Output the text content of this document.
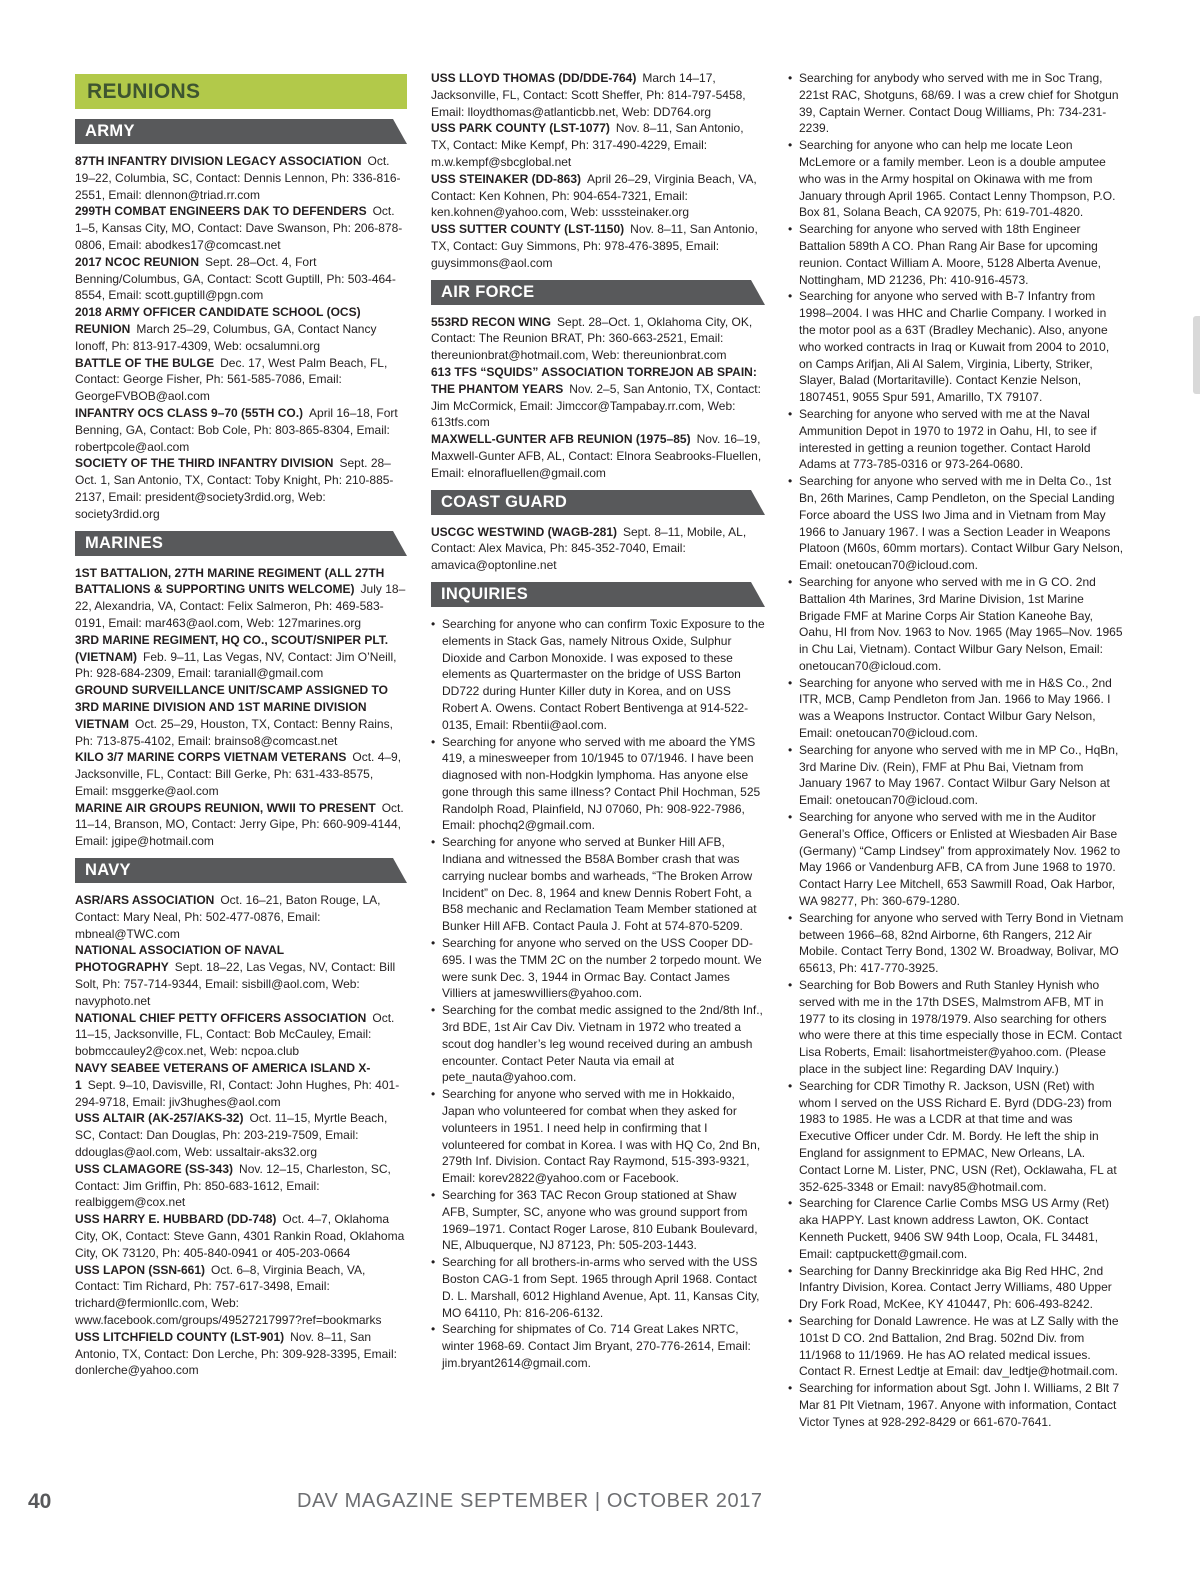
REUNIONS
ARMY

87TH INFANTRY DIVISION LEGACY ASSOCIATION Oct. 19–22, Columbia, SC, Contact: Dennis Lennon, Ph: 336-816-2551, Email: dlennon@triad.rr.com

299TH COMBAT ENGINEERS DAK TO DEFENDERS Oct. 1–5, Kansas City, MO, Contact: Dave Swanson, Ph: 206-878-0806, Email: abodkes17@comcast.net

2017 NCOC REUNION Sept. 28–Oct. 4, Fort Benning/Columbus, GA, Contact: Scott Guptill, Ph: 503-464-8554, Email: scott.guptill@pgn.com

2018 ARMY OFFICER CANDIDATE SCHOOL (OCS) REUNION March 25–29, Columbus, GA, Contact Nancy Ionoff, Ph: 813-917-4309, Web: ocsalumni.org

BATTLE OF THE BULGE Dec. 17, West Palm Beach, FL, Contact: George Fisher, Ph: 561-585-7086, Email: GeorgeFVBOB@aol.com

INFANTRY OCS CLASS 9–70 (55TH CO.) April 16–18, Fort Benning, GA, Contact: Bob Cole, Ph: 803-865-8304, Email: robertpcole@aol.com

SOCIETY OF THE THIRD INFANTRY DIVISION Sept. 28–Oct. 1, San Antonio, TX, Contact: Toby Knight, Ph: 210-885-2137, Email: president@society3rdid.org, Web: society3rdid.org

MARINES

1ST BATTALION, 27TH MARINE REGIMENT (ALL 27TH BATTALIONS & SUPPORTING UNITS WELCOME) July 18–22, Alexandria, VA, Contact: Felix Salmeron, Ph: 469-583-0191, Email: mar463@aol.com, Web: 127marines.org

3RD MARINE REGIMENT, HQ CO., SCOUT/SNIPER PLT. (VIETNAM) Feb. 9–11, Las Vegas, NV, Contact: Jim O’Neill, Ph: 928-684-2309, Email: taraniall@gmail.com

GROUND SURVEILLANCE UNIT/SCAMP ASSIGNED TO 3RD MARINE DIVISION AND 1ST MARINE DIVISION VIETNAM Oct. 25–29, Houston, TX, Contact: Benny Rains, Ph: 713-875-4102, Email: brainso8@comcast.net

KILO 3/7 MARINE CORPS VIETNAM VETERANS Oct. 4–9, Jacksonville, FL, Contact: Bill Gerke, Ph: 631-433-8575, Email: msggerke@aol.com

MARINE AIR GROUPS REUNION, WWII TO PRESENT Oct. 11–14, Branson, MO, Contact: Jerry Gipe, Ph: 660-909-4144, Email: jgipe@hotmail.com

NAVY

ASR/ARS ASSOCIATION Oct. 16–21, Baton Rouge, LA, Contact: Mary Neal, Ph: 502-477-0876, Email: mbneal@TWC.com

NATIONAL ASSOCIATION OF NAVAL PHOTOGRAPHY Sept. 18–22, Las Vegas, NV, Contact: Bill Solt, Ph: 757-714-9344, Email: sisbill@aol.com, Web: navyphoto.net

NATIONAL CHIEF PETTY OFFICERS ASSOCIATION Oct. 11–15, Jacksonville, FL, Contact: Bob McCauley, Email: bobmccauley2@cox.net, Web: ncpoa.club

NAVY SEABEE VETERANS OF AMERICA ISLAND X-1 Sept. 9–10, Davisville, RI, Contact: John Hughes, Ph: 401-294-9718, Email: jiv3hughes@aol.com

USS ALTAIR (AK-257/AKS-32) Oct. 11–15, Myrtle Beach, SC, Contact: Dan Douglas, Ph: 203-219-7509, Email: ddouglas@aol.com, Web: ussaltair-aks32.org

USS CLAMAGORE (SS-343) Nov. 12–15, Charleston, SC, Contact: Jim Griffin, Ph: 850-683-1612, Email: realbiggem@cox.net

USS HARRY E. HUBBARD (DD-748) Oct. 4–7, Oklahoma City, OK, Contact: Steve Gann, 4301 Rankin Road, Oklahoma City, OK 73120, Ph: 405-840-0941 or 405-203-0664

USS LAPON (SSN-661) Oct. 6–8, Virginia Beach, VA, Contact: Tim Richard, Ph: 757-617-3498, Email: trichard@fermionllc.com, Web: www.facebook.com/groups/49527217997?ref=bookmarks

USS LITCHFIELD COUNTY (LST-901) Nov. 8–11, San Antonio, TX, Contact: Don Lerche, Ph: 309-928-3395, Email: donlerche@yahoo.com

USS LLOYD THOMAS (DD/DDE-764) March 14–17, Jacksonville, FL, Contact: Scott Sheffer, Ph: 814-797-5458, Email: lloydthomas@atlanticbb.net, Web: DD764.org

USS PARK COUNTY (LST-1077) Nov. 8–11, San Antonio, TX, Contact: Mike Kempf, Ph: 317-490-4229, Email: m.w.kempf@sbcglobal.net

USS STEINAKER (DD-863) April 26–29, Virginia Beach, VA, Contact: Ken Kohnen, Ph: 904-654-7321, Email: ken.kohnen@yahoo.com, Web: usssteinaker.org

USS SUTTER COUNTY (LST-1150) Nov. 8–11, San Antonio, TX, Contact: Guy Simmons, Ph: 978-476-3895, Email: guysimmons@aol.com

AIR FORCE

553RD RECON WING Sept. 28–Oct. 1, Oklahoma City, OK, Contact: The Reunion BRAT, Ph: 360-663-2521, Email: thereunionbrat@hotmail.com, Web: thereunionbrat.com

613 TFS “SQUIDS” ASSOCIATION TORREJON AB SPAIN: THE PHANTOM YEARS Nov. 2–5, San Antonio, TX, Contact: Jim McCormick, Email: Jimccor@Tampabay.rr.com, Web: 613tfs.com

MAXWELL-GUNTER AFB REUNION (1975–85) Nov. 16–19, Maxwell-Gunter AFB, AL, Contact: Elnora Seabrooks-Fluellen, Email: elnorafluellen@gmail.com

COAST GUARD

USCGC WESTWIND (WAGB-281) Sept. 8–11, Mobile, AL, Contact: Alex Mavica, Ph: 845-352-7040, Email: amavica@optonline.net

INQUIRIES
• Searching for anyone who can confirm Toxic Exposure to the elements in Stack Gas, namely Nitrous Oxide, Sulphur Dioxide and Carbon Monoxide. I was exposed to these elements as Quartermaster on the bridge of USS Barton DD722 during Hunter Killer duty in Korea, and on USS Robert A. Owens. Contact Robert Bentivenga at 914-522-0135, Email: Rbentii@aol.com.
• Searching for anyone who served with me aboard the YMS 419, a minesweeper from 10/1945 to 07/1946. I have been diagnosed with non-Hodgkin lymphoma. Has anyone else gone through this same illness? Contact Phil Hochman, 525 Randolph Road, Plainfield, NJ 07060, Ph: 908-922-7986, Email: phochq2@gmail.com.
• Searching for anyone who served at Bunker Hill AFB, Indiana and witnessed the B58A Bomber crash that was carrying nuclear bombs and warheads, “The Broken Arrow Incident” on Dec. 8, 1964 and knew Dennis Robert Foht, a B58 mechanic and Reclamation Team Member stationed at Bunker Hill AFB. Contact Paula J. Foht at 574-870-5209.
• Searching for anyone who served on the USS Cooper DD-695. I was the TMM 2C on the number 2 torpedo mount. We were sunk Dec. 3, 1944 in Ormac Bay. Contact James Villiers at jameswvilliers@yahoo.com.
• Searching for the combat medic assigned to the 2nd/8th Inf., 3rd BDE, 1st Air Cav Div. Vietnam in 1972 who treated a scout dog handler’s leg wound received during an ambush encounter. Contact Peter Nauta via email at pete_nauta@yahoo.com.
• Searching for anyone who served with me in Hokkaido, Japan who volunteered for combat when they asked for volunteers in 1951. I need help in confirming that I volunteered for combat in Korea. I was with HQ Co, 2nd Bn, 279th Inf. Division. Contact Ray Raymond, 515-393-9321, Email: korev2822@yahoo.com or Facebook.
• Searching for 363 TAC Recon Group stationed at Shaw AFB, Sumpter, SC, anyone who was ground support from 1969–1971. Contact Roger Larose, 810 Eubank Boulevard, NE, Albuquerque, NJ 87123, Ph: 505-203-1443.
• Searching for all brothers-in-arms who served with the USS Boston CAG-1 from Sept. 1965 through April 1968. Contact D. L. Marshall, 6012 Highland Avenue, Apt. 11, Kansas City, MO 64110, Ph: 816-206-6132.
• Searching for shipmates of Co. 714 Great Lakes NRTC, winter 1968-69. Contact Jim Bryant, 270-776-2614, Email: jim.bryant2614@gmail.com.
• Searching for anybody who served with me in Soc Trang, 221st RAC, Shotguns, 68/69. I was a crew chief for Shotgun 39, Captain Werner. Contact Doug Williams, Ph: 734-231-2239.
• Searching for anyone who can help me locate Leon McLemore or a family member. Leon is a double amputee who was in the Army hospital on Okinawa with me from January through April 1965. Contact Lenny Thompson, P.O. Box 81, Solana Beach, CA 92075, Ph: 619-701-4820.
• Searching for anyone who served with 18th Engineer Battalion 589th A CO. Phan Rang Air Base for upcoming reunion. Contact William A. Moore, 5128 Alberta Avenue, Nottingham, MD 21236, Ph: 410-916-4573.
• Searching for anyone who served with B-7 Infantry from 1998–2004. I was HHC and Charlie Company. I worked in the motor pool as a 63T (Bradley Mechanic). Also, anyone who worked contracts in Iraq or Kuwait from 2004 to 2010, on Camps Arifjan, Ali Al Salem, Virginia, Liberty, Striker, Slayer, Balad (Mortaritaville). Contact Kenzie Nelson, 1807451, 9055 Spur 591, Amarillo, TX 79107.
• Searching for anyone who served with me at the Naval Ammunition Depot in 1970 to 1972 in Oahu, HI, to see if interested in getting a reunion together. Contact Harold Adams at 773-785-0316 or 973-264-0680.
• Searching for anyone who served with me in Delta Co., 1st Bn, 26th Marines, Camp Pendleton, on the Special Landing Force aboard the USS Iwo Jima and in Vietnam from May 1966 to January 1967. I was a Section Leader in Weapons Platoon (M60s, 60mm mortars). Contact Wilbur Gary Nelson, Email: onetoucan70@icloud.com.
• Searching for anyone who served with me in G CO. 2nd Battalion 4th Marines, 3rd Marine Division, 1st Marine Brigade FMF at Marine Corps Air Station Kaneohe Bay, Oahu, HI from Nov. 1963 to Nov. 1965 (May 1965–Nov. 1965 in Chu Lai, Vietnam). Contact Wilbur Gary Nelson, Email: onetoucan70@icloud.com.
• Searching for anyone who served with me in H&S Co., 2nd ITR, MCB, Camp Pendleton from Jan. 1966 to May 1966. I was a Weapons Instructor. Contact Wilbur Gary Nelson, Email: onetoucan70@icloud.com.
• Searching for anyone who served with me in MP Co., HqBn, 3rd Marine Div. (Rein), FMF at Phu Bai, Vietnam from January 1967 to May 1967. Contact Wilbur Gary Nelson at Email: onetoucan70@icloud.com.
• Searching for anyone who served with me in the Auditor General’s Office, Officers or Enlisted at Wiesbaden Air Base (Germany) “Camp Lindsey” from approximately Nov. 1962 to May 1966 or Vandenburg AFB, CA from June 1968 to 1970. Contact Harry Lee Mitchell, 653 Sawmill Road, Oak Harbor, WA 98277, Ph: 360-679-1280.
• Searching for anyone who served with Terry Bond in Vietnam between 1966–68, 82nd Airborne, 6th Rangers, 212 Air Mobile. Contact Terry Bond, 1302 W. Broadway, Bolivar, MO 65613, Ph: 417-770-3925.
• Searching for Bob Bowers and Ruth Stanley Hynish who served with me in the 17th DSES, Malmstrom AFB, MT in 1977 to its closing in 1978/1979. Also searching for others who were there at this time especially those in ECM. Contact Lisa Roberts, Email: lisahortmeister@yahoo.com. (Please place in the subject line: Regarding DAV Inquiry.)
• Searching for CDR Timothy R. Jackson, USN (Ret) with whom I served on the USS Richard E. Byrd (DDG-23) from 1983 to 1985. He was a LCDR at that time and was Executive Officer under Cdr. M. Bordy. He left the ship in England for assignment to EPMAC, New Orleans, LA. Contact Lorne M. Lister, PNC, USN (Ret), Ocklawaha, FL at 352-625-3348 or Email: navy85@hotmail.com.
• Searching for Clarence Carlie Combs MSG US Army (Ret) aka HAPPY. Last known address Lawton, OK. Contact Kenneth Puckett, 9406 SW 94th Loop, Ocala, FL 34481, Email: captpuckett@gmail.com.
• Searching for Danny Breckinridge aka Big Red HHC, 2nd Infantry Division, Korea. Contact Jerry Williams, 480 Upper Dry Fork Road, McKee, KY 410447, Ph: 606-493-8242.
• Searching for Donald Lawrence. He was at LZ Sally with the 101st D CO. 2nd Battalion, 2nd Brag. 502nd Div. from 11/1968 to 11/1969. He has AO related medical issues. Contact R. Ernest Ledtje at Email: dav_ledtje@hotmail.com.
• Searching for information about Sgt. John I. Williams, 2 Blt 7 Mar 81 Plt Vietnam, 1967. Anyone with information, Contact Victor Tynes at 928-292-8429 or 661-670-7641.
40	DAV MAGAZINE SEPTEMBER | OCTOBER 2017
